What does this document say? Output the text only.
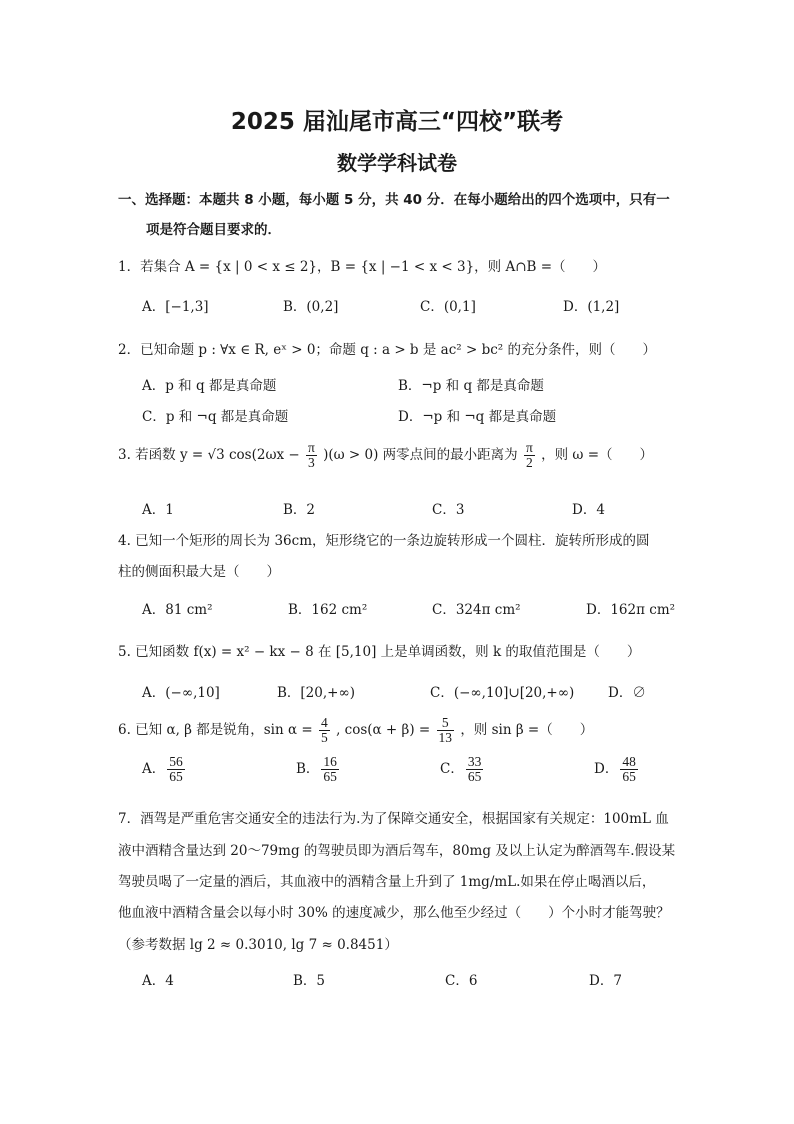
2025 届汕尾市高三“四校”联考
数学学科试卷
一、选择题：本题共 8 小题，每小题 5 分，共 40 分．在每小题给出的四个选项中，只有一
项是符合题目要求的．
1．若集合 A = {x | 0 < x ≤ 2}，B = {x | −1 < x < 3}，则 A∩B =（　　）
A．[−1,3]	B．(0,2]	C．(0,1]	D．(1,2]
2．已知命题 p : ∀x ∈ R, eˣ > 0；命题 q : a > b 是 ac² > bc² 的充分条件，则（　　）
A．p 和 q 都是真命题	B．¬p 和 q 都是真命题
C．p 和 ¬q 都是真命题	D．¬p 和 ¬q 都是真命题
3. 若函数 y = √3 $\cos(2\omega x - \frac{\pi}{3} )(\omega > 0)$ 两零点间的最小距离为 $\frac{\pi}{2}$ ，则 ω =（　　）
A．1	B．2	C．3	D．4
4. 已知一个矩形的周长为 36cm，矩形绕它的一条边旋转形成一个圆柱．旋转所形成的圆
柱的侧面积最大是（　　）
A．81 cm²	B．162 cm²	C．324π cm²	D．162π cm²
5. 已知函数 f(x) = x² − kx − 8 在 [5,10] 上是单调函数，则 k 的取值范围是（　　）
A．(−∞,10]	B．[20,+∞)	C．(−∞,10]∪[20,+∞) D．∅
6. 已知 α, β 都是锐角，$\sin \alpha = \frac{4}{5}$ , $\cos(\alpha + \beta) = \frac{5}{13}$ ，则 sin β =（　　）
A． $\frac{56}{65}$	B． $\frac{16}{65}$	C． $\frac{33}{65}$	D． $\frac{48}{65}$
7．酒驾是严重危害交通安全的违法行为.为了保障交通安全，根据国家有关规定：100mL 血
液中酒精含量达到 20～79mg 的驾驶员即为酒后驾车，80mg 及以上认定为醉酒驾车.假设某
驾驶员喝了一定量的酒后，其血液中的酒精含量上升到了 1mg/mL.如果在停止喝酒以后，
他血液中酒精含量会以每小时 30% 的速度减少，那么他至少经过（　　）个小时才能驾驶？
（参考数据 lg 2 ≈ 0.3010, lg 7 ≈ 0.8451）
A．4	B．5	C．6	D．7
